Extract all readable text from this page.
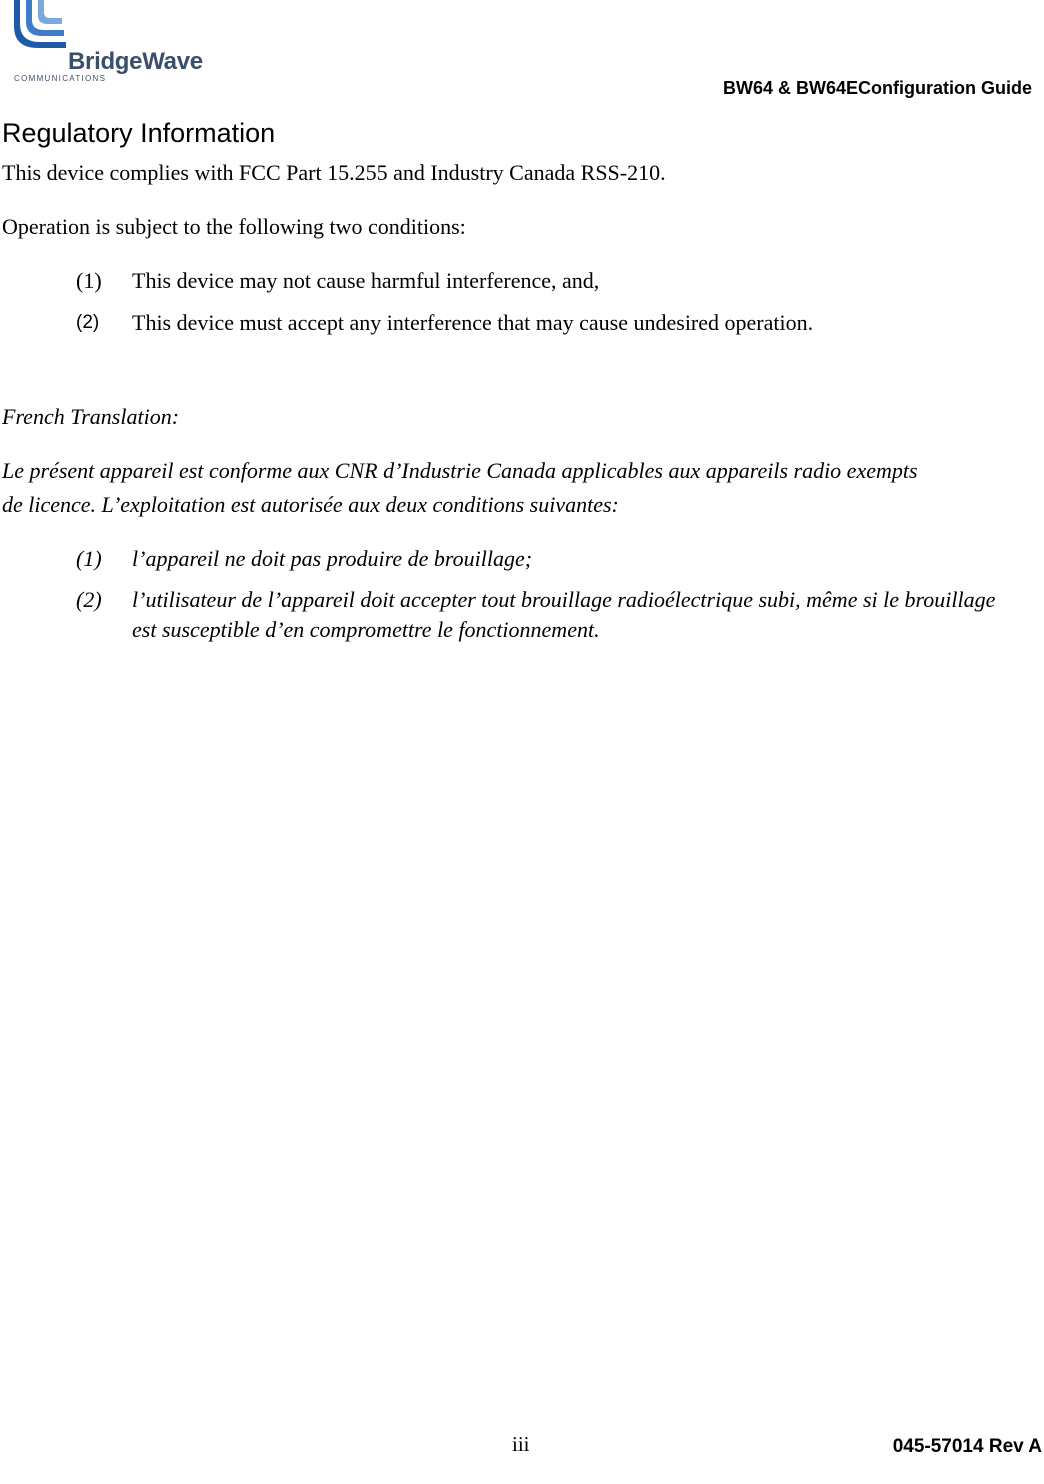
BridgeWave
COMMUNICATIONS	BW64 & BW64EConfiguration Guide
Regulatory Information

This device complies with FCC Part 15.255 and Industry Canada RSS-210.

Operation is subject to the following two conditions:

(1) This device may not cause harmful interference, and,
(2) This device must accept any interference that may cause undesired operation.

French Translation:

Le présent appareil est conforme aux CNR d’Industrie Canada applicables aux appareils radio exempts

de licence. L’exploitation est autorisée aux deux conditions suivantes:

(1) l’appareil ne doit pas produire de brouillage;
(2) l’utilisateur de l’appareil doit accepter tout brouillage radioélectrique subi, même si le brouillage est susceptible d’en compromettre le fonctionnement.
iii	045-57014 Rev A
